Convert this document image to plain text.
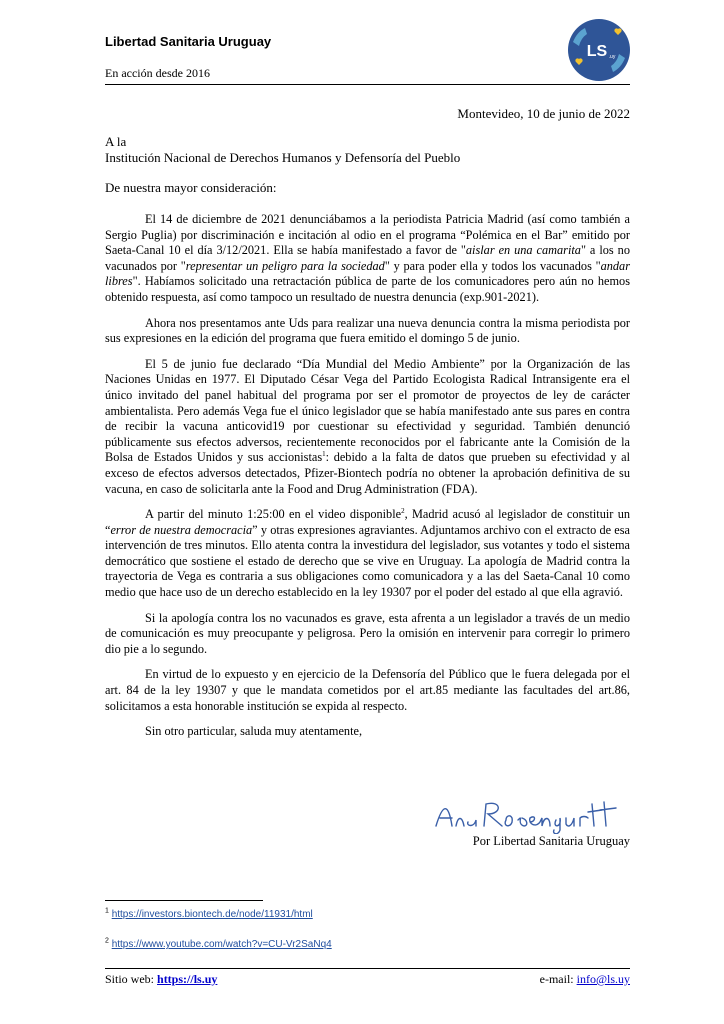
Libertad Sanitaria Uruguay
En acción desde 2016
LS .uy
Montevideo, 10 de junio de 2022
A la
Institución Nacional de Derechos Humanos y Defensoría del Pueblo
De nuestra mayor consideración:

El 14 de diciembre de 2021 denunciábamos a la periodista Patricia Madrid (así como también a Sergio Puglia) por discriminación e incitación al odio en el programa “Polémica en el Bar” emitido por Saeta-Canal 10 el día 3/12/2021. Ella se había manifestado a favor de "aislar en una camarita" a los no vacunados por "representar un peligro para la sociedad" y para poder ella y todos los vacunados "andar libres". Habíamos solicitado una retractación pública de parte de los comunicadores pero aún no hemos obtenido respuesta, así como tampoco un resultado de nuestra denuncia (exp.901-2021).

Ahora nos presentamos ante Uds para realizar una nueva denuncia contra la misma periodista por sus expresiones en la edición del programa que fuera emitido el domingo 5 de junio.

El 5 de junio fue declarado “Día Mundial del Medio Ambiente” por la Organización de las Naciones Unidas en 1977. El Diputado César Vega del Partido Ecologista Radical Intransigente era el único invitado del panel habitual del programa por ser el promotor de proyectos de ley de carácter ambientalista. Pero además Vega fue el único legislador que se había manifestado ante sus pares en contra de recibir la vacuna anticovid19 por cuestionar su efectividad y seguridad. También denunció públicamente sus efectos adversos, recientemente reconocidos por el fabricante ante la Comisión de la Bolsa de Estados Unidos y sus accionistas$^1$: debido a la falta de datos que prueben su efectividad y al exceso de efectos adversos detectados, Pfizer-Biontech podría no obtener la aprobación definitiva de su vacuna, en caso de solicitarla ante la Food and Drug Administration (FDA).

A partir del minuto 1:25:00 en el video disponible$^2$, Madrid acusó al legislador de constituir un “error de nuestra democracia” y otras expresiones agraviantes. Adjuntamos archivo con el extracto de esa intervención de tres minutos. Ello atenta contra la investidura del legislador, sus votantes y todo el sistema democrático que sostiene el estado de derecho que se vive en Uruguay. La apología de Madrid contra la trayectoria de Vega es contraria a sus obligaciones como comunicadora y a las del Saeta-Canal 10 como medio que hace uso de un derecho establecido en la ley 19307 por el poder del estado al que ella agravió.

Si la apología contra los no vacunados es grave, esta afrenta a un legislador a través de un medio de comunicación es muy preocupante y peligrosa. Pero la omisión en intervenir para corregir lo primero dio pie a lo segundo.

En virtud de lo expuesto y en ejercicio de la Defensoría del Público que le fuera delegada por el art. 84 de la ley 19307 y que le mandata cometidos por el art.85 mediante las facultades del art.86, solicitamos a esta honorable institución se expida al respecto.

Sin otro particular, saluda muy atentamente,

Por Libertad Sanitaria Uruguay
$^1$ https://investors.biontech.de/node/11931/html
$^2$ https://www.youtube.com/watch?v=CU-Vr2SaNq4
Sitio web: https://ls.uy	e-mail: info@ls.uy
